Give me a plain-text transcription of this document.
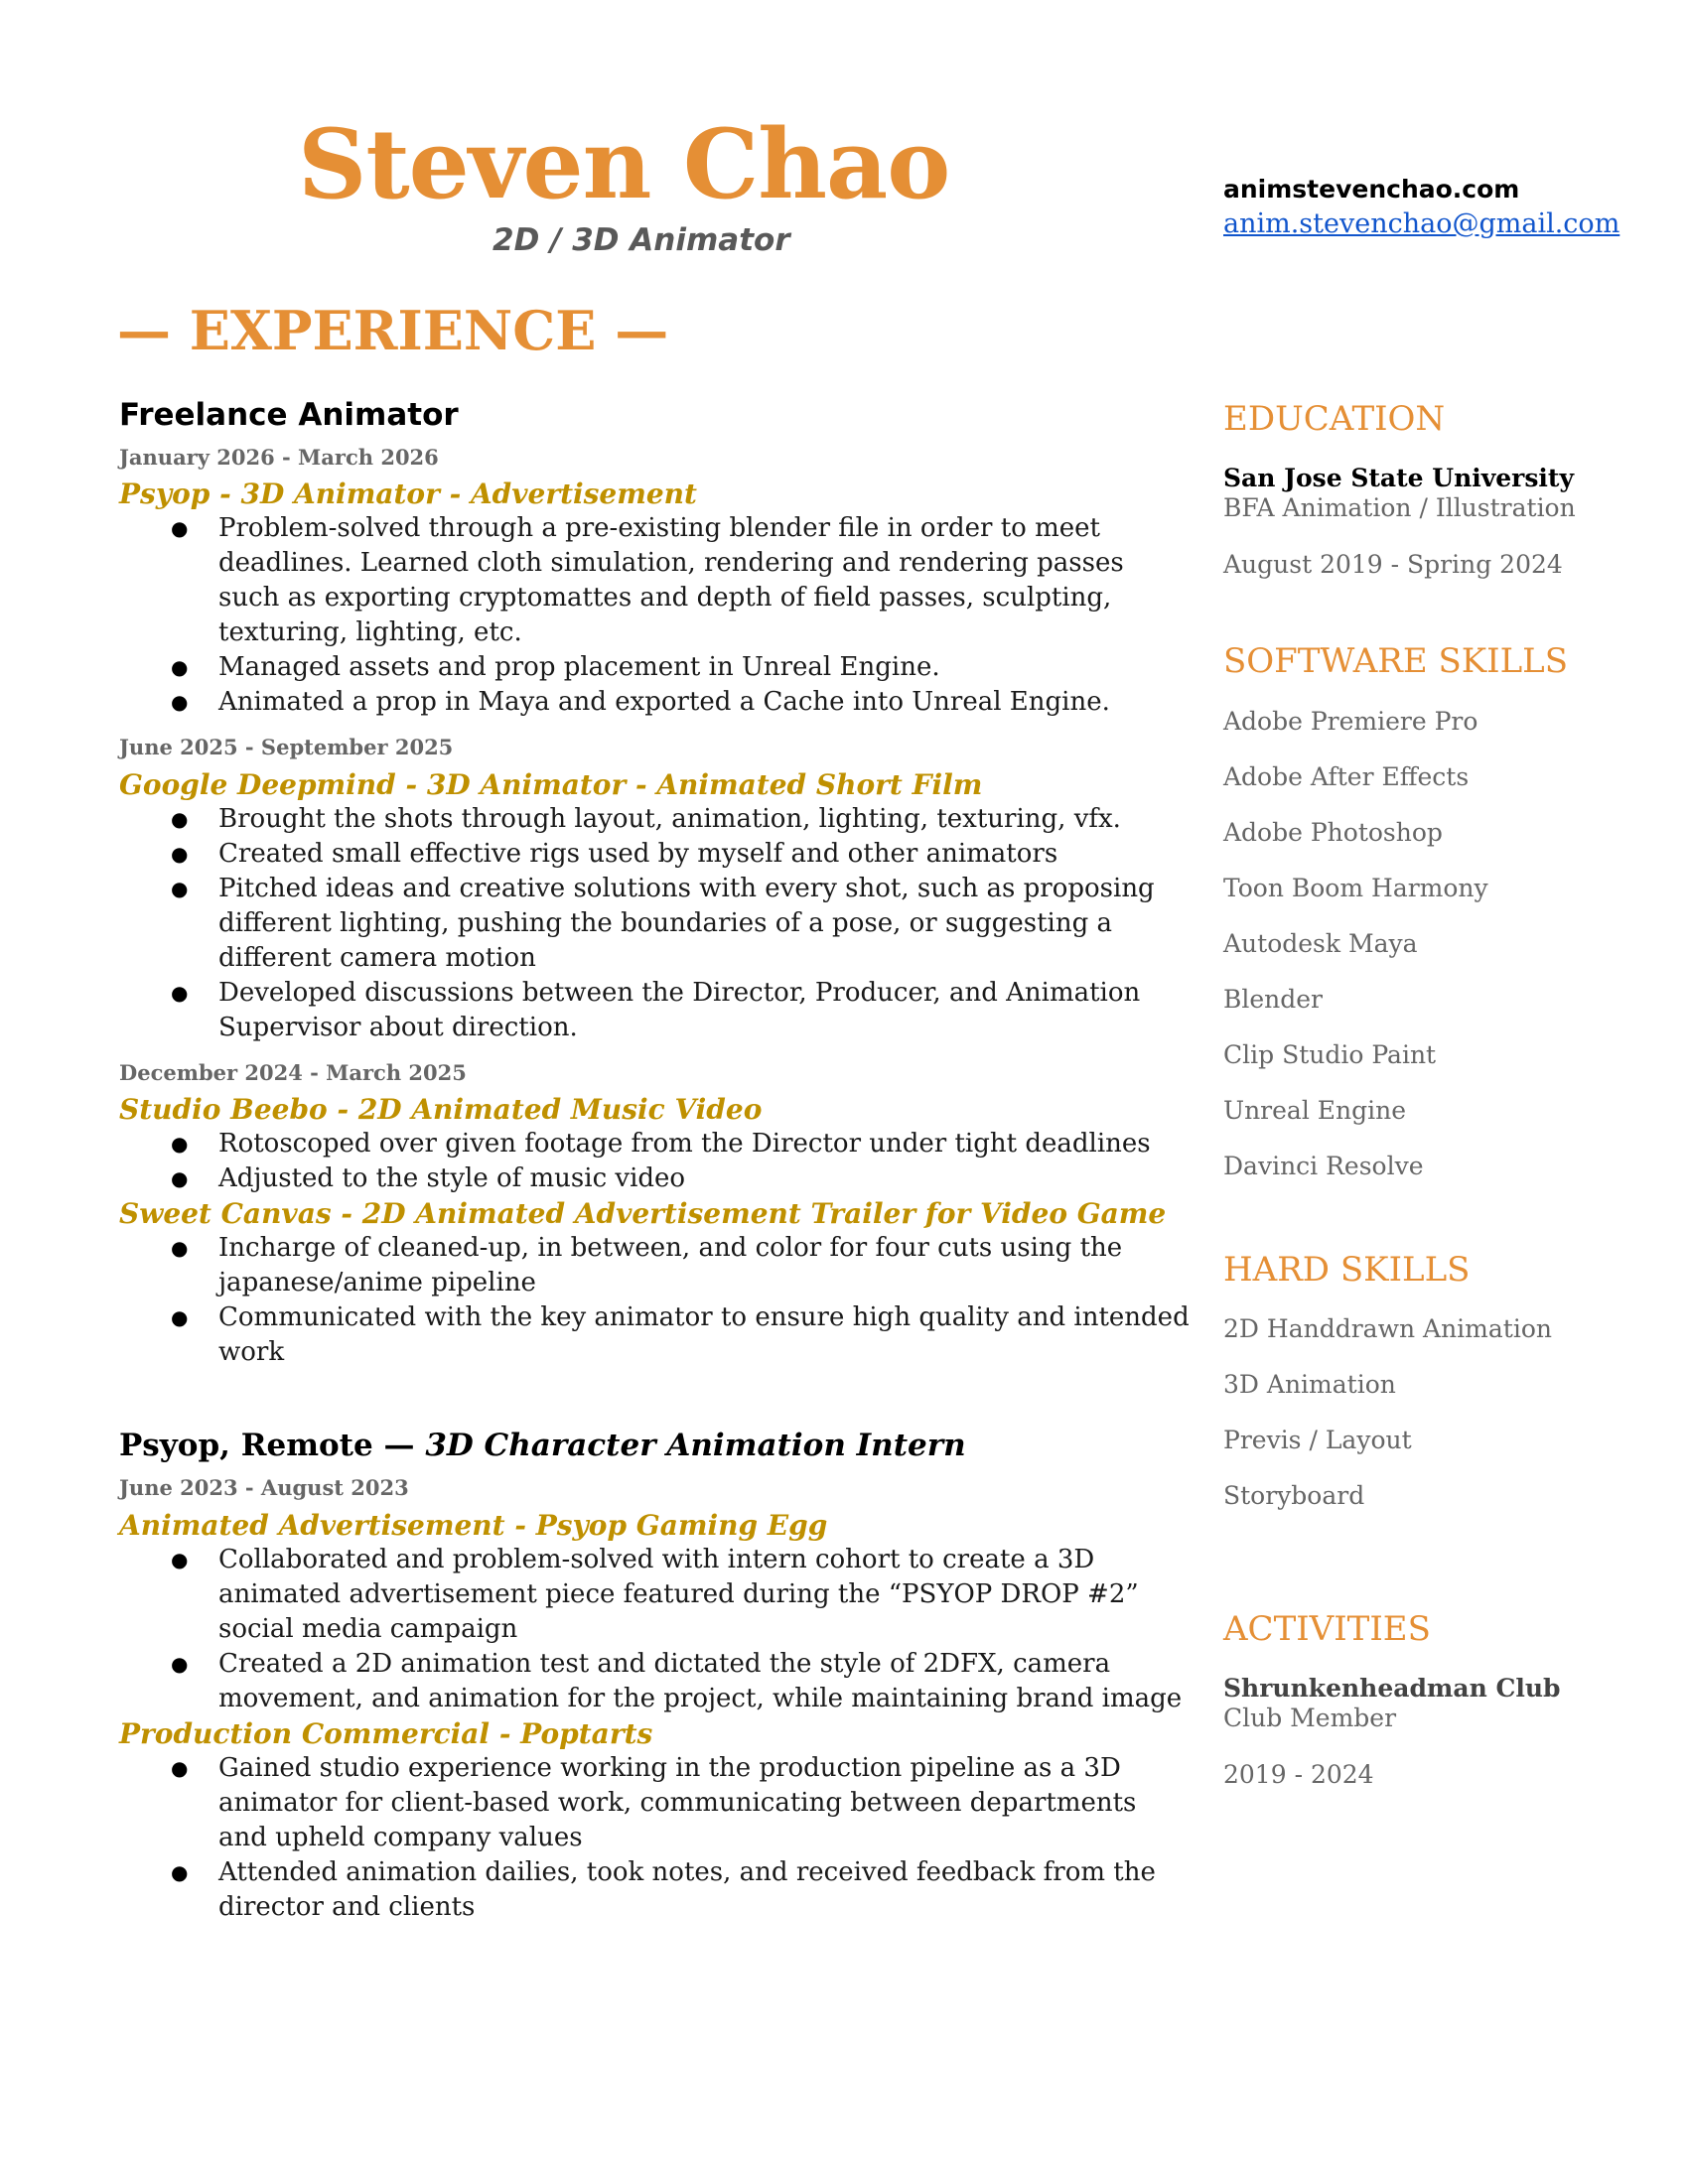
Steven Chao
2D / 3D Animator
animstevenchao.com
anim.stevenchao@gmail.com
— EXPERIENCE —
Freelance Animator
January 2026 - March 2026
Psyop - 3D Animator - Advertisement
● Problem-solved through a pre-existing blender file in order to meet deadlines. Learned cloth simulation, rendering and rendering passes such as exporting cryptomattes and depth of field passes, sculpting, texturing, lighting, etc.
● Managed assets and prop placement in Unreal Engine.
● Animated a prop in Maya and exported a Cache into Unreal Engine.
June 2025 - September 2025
Google Deepmind - 3D Animator - Animated Short Film
● Brought the shots through layout, animation, lighting, texturing, vfx.
● Created small effective rigs used by myself and other animators
● Pitched ideas and creative solutions with every shot, such as proposing different lighting, pushing the boundaries of a pose, or suggesting a different camera motion
● Developed discussions between the Director, Producer, and Animation Supervisor about direction.
December 2024 - March 2025
Studio Beebo - 2D Animated Music Video
● Rotoscoped over given footage from the Director under tight deadlines
● Adjusted to the style of music video
Sweet Canvas - 2D Animated Advertisement Trailer for Video Game
● Incharge of cleaned-up, in between, and color for four cuts using the japanese/anime pipeline
● Communicated with the key animator to ensure high quality and intended work
Psyop, Remote — 3D Character Animation Intern
June 2023 - August 2023
Animated Advertisement - Psyop Gaming Egg
● Collaborated and problem-solved with intern cohort to create a 3D animated advertisement piece featured during the “PSYOP DROP #2” social media campaign
● Created a 2D animation test and dictated the style of 2DFX, camera movement, and animation for the project, while maintaining brand image
Production Commercial - Poptarts
● Gained studio experience working in the production pipeline as a 3D animator for client-based work, communicating between departments and upheld company values
● Attended animation dailies, took notes, and received feedback from the director and clients
EDUCATION
San Jose State University
BFA Animation / Illustration
August 2019 - Spring 2024
SOFTWARE SKILLS
Adobe Premiere Pro
Adobe After Effects
Adobe Photoshop
Toon Boom Harmony
Autodesk Maya
Blender
Clip Studio Paint
Unreal Engine
Davinci Resolve
HARD SKILLS
2D Handdrawn Animation
3D Animation
Previs / Layout
Storyboard
ACTIVITIES
Shrunkenheadman Club
Club Member
2019 - 2024
